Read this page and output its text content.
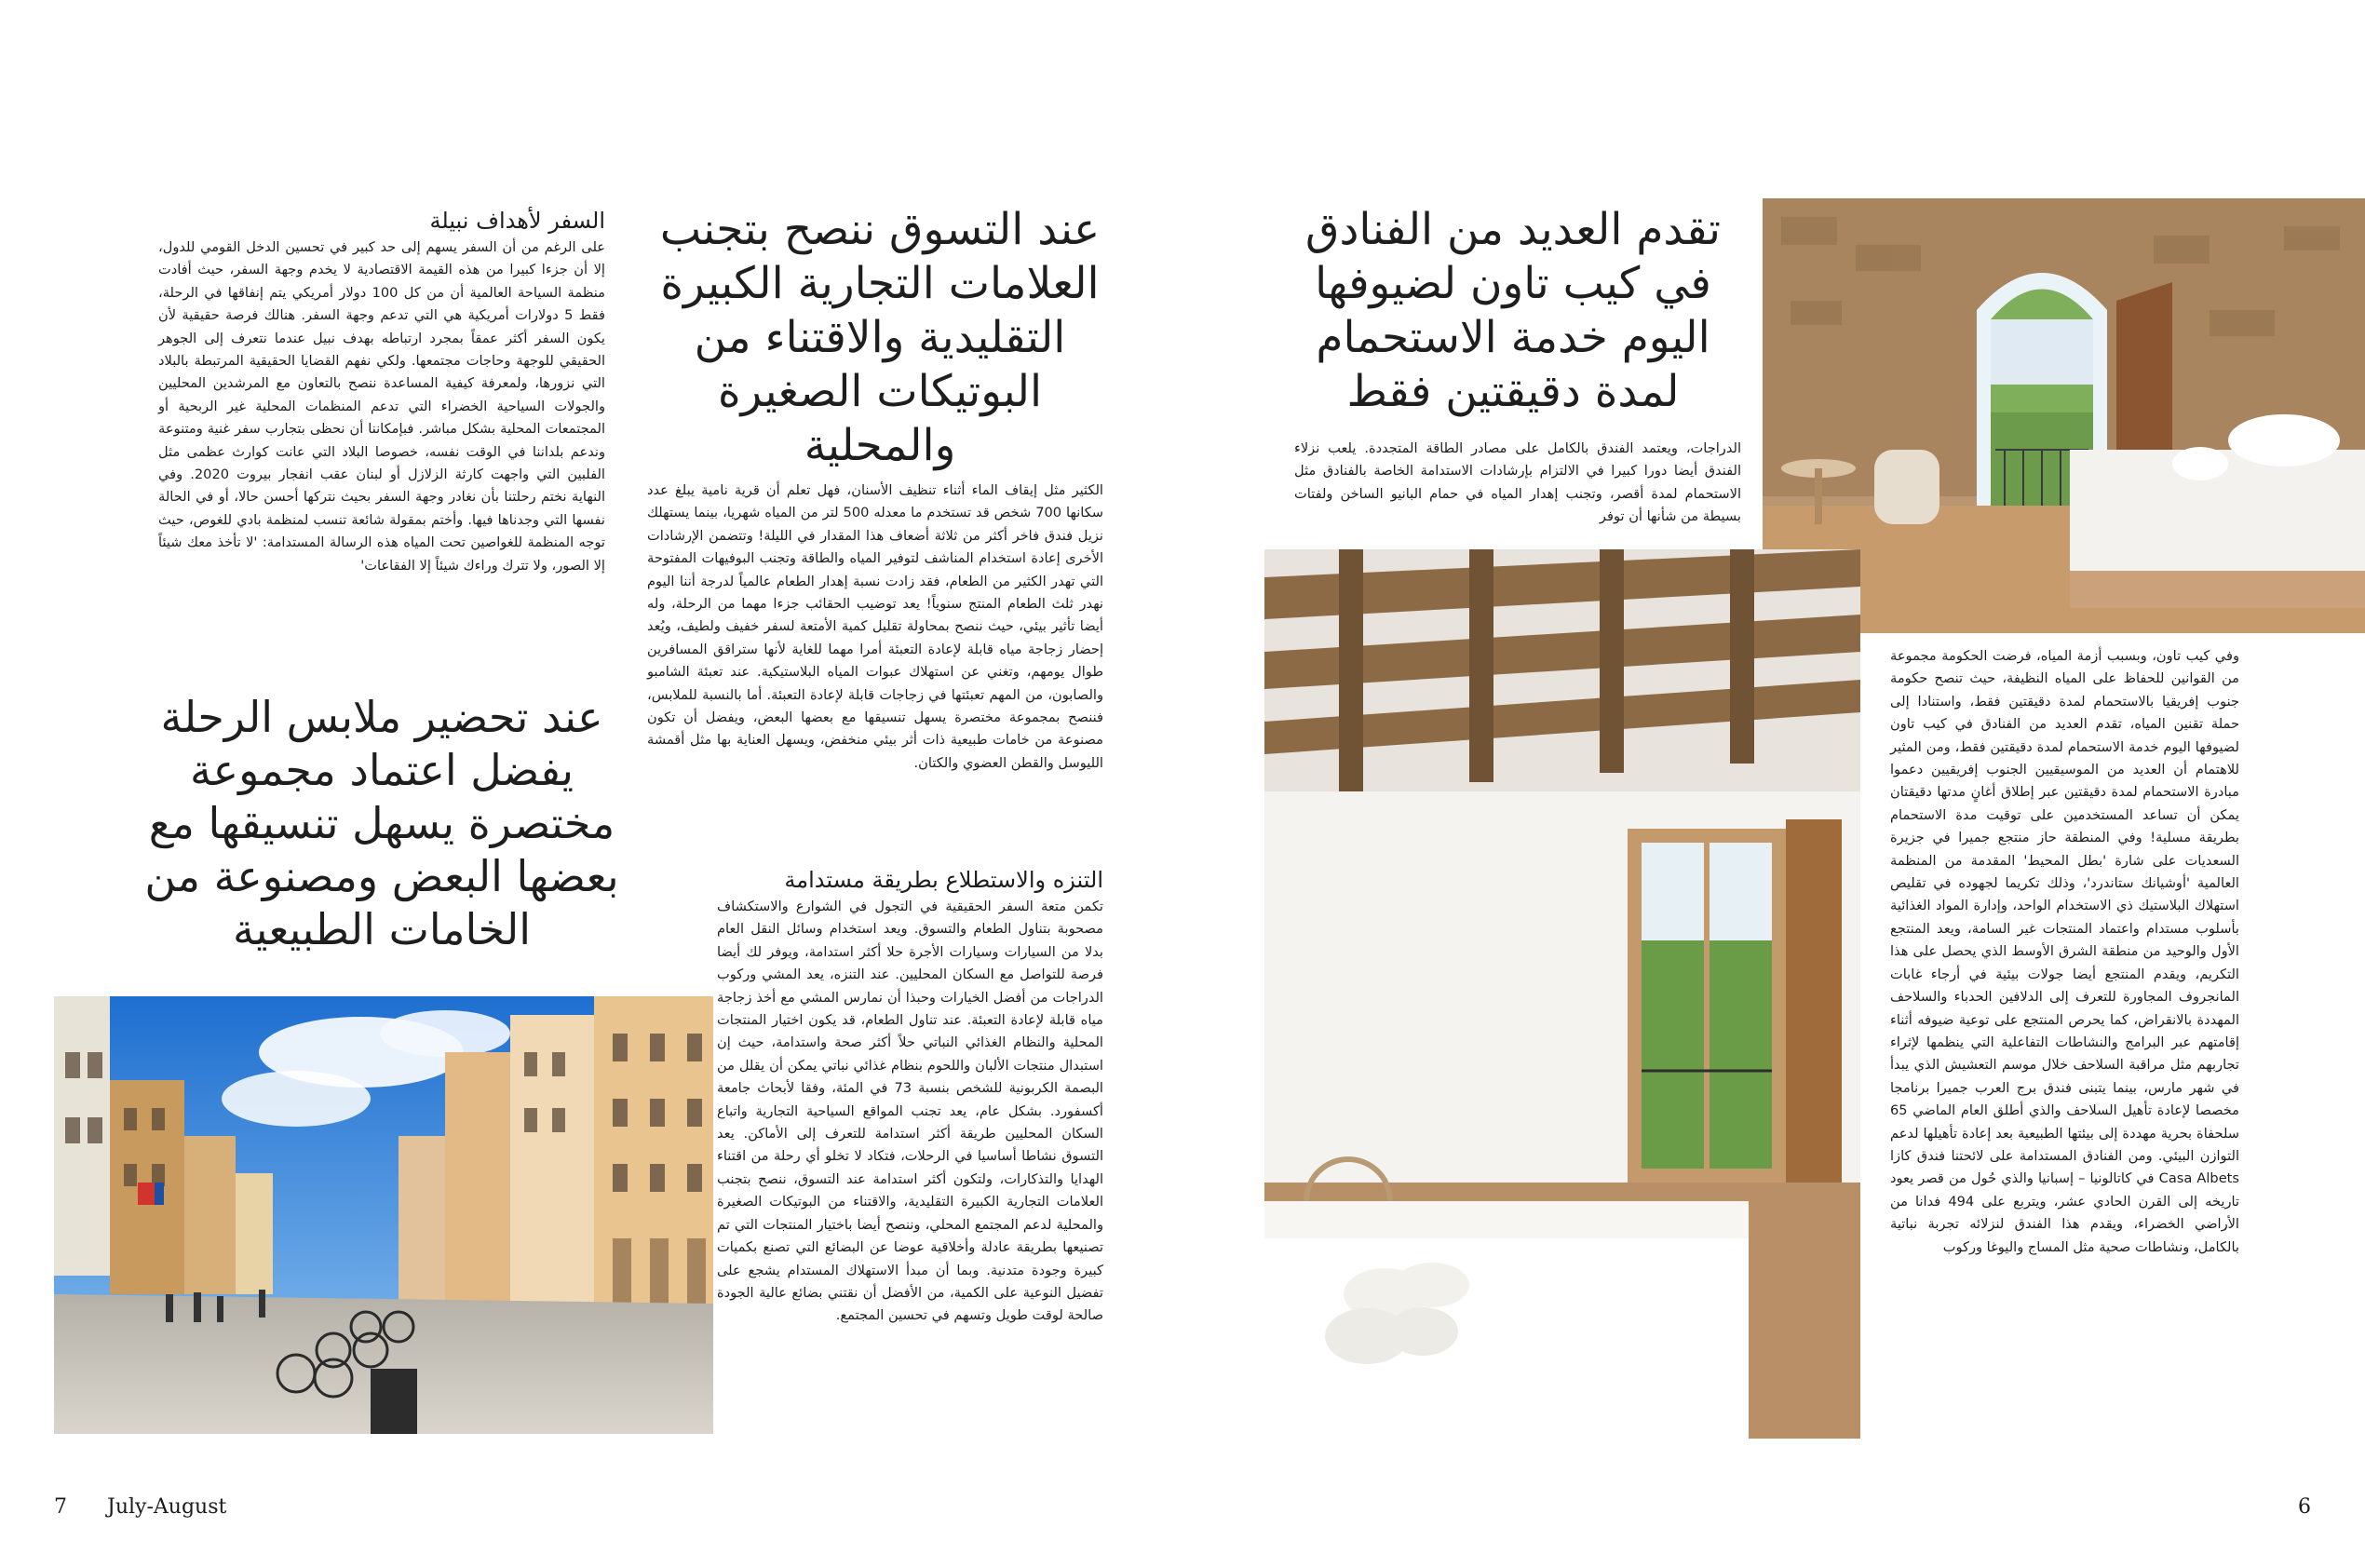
السفر لأهداف نبيلة

على الرغم من أن السفر يسهم إلى حد كبير في تحسين الدخل القومي للدول، إلا أن جزءا كبيرا من هذه القيمة الاقتصادية لا يخدم وجهة السفر، حيث أفادت منظمة السياحة العالمية أن من كل 100 دولار أمريكي يتم إنفاقها في الرحلة، فقط 5 دولارات أمريكية هي التي تدعم وجهة السفر. هنالك فرصة حقيقية لأن يكون السفر أكثر عمقاً بمجرد ارتباطه بهدف نبيل عندما نتعرف إلى الجوهر الحقيقي للوجهة وحاجات مجتمعها. ولكي نفهم القضايا الحقيقية المرتبطة بالبلاد التي نزورها، ولمعرفة كيفية المساعدة ننصح بالتعاون مع المرشدين المحليين والجولات السياحية الخضراء التي تدعم المنظمات المحلية غير الربحية أو المجتمعات المحلية بشكل مباشر. فبإمكاننا أن نحظى بتجارب سفر غنية ومتنوعة وندعم بلداننا في الوقت نفسه، خصوصا البلاد التي عانت كوارث عظمى مثل الفلبين التي واجهت كارثة الزلازل أو لبنان عقب انفجار بيروت 2020. وفي النهاية نختم رحلتنا بأن نغادر وجهة السفر بحيث نتركها أحسن حالا، أو في الحالة نفسها التي وجدناها فيها. وأختم بمقولة شائعة تنسب لمنظمة بادي للغوص، حيث توجه المنظمة للغواصين تحت المياه هذه الرسالة المستدامة: 'لا تأخذ معك شيئاً إلا الصور، ولا تترك وراءك شيئاً إلا الفقاعات'

عند التسوق ننصح بتجنب العلامات التجارية الكبيرة التقليدية والاقتناء من البوتيكات الصغيرة والمحلية

الكثير مثل إيقاف الماء أثناء تنظيف الأسنان، فهل تعلم أن قرية نامية يبلغ عدد سكانها 700 شخص قد تستخدم ما معدله 500 لتر من المياه شهريا، بينما يستهلك نزيل فندق فاخر أكثر من ثلاثة أضعاف هذا المقدار في الليلة! وتتضمن الإرشادات الأخرى إعادة استخدام المناشف لتوفير المياه والطاقة وتجنب البوفيهات المفتوحة التي تهدر الكثير من الطعام، فقد زادت نسبة إهدار الطعام عالمياً لدرجة أننا اليوم نهدر ثلث الطعام المنتج سنوياً! يعد توضيب الحقائب جزءا مهما من الرحلة، وله أيضا تأثير بيئي، حيث ننصح بمحاولة تقليل كمية الأمتعة لسفر خفيف ولطيف، ويُعد إحضار زجاجة مياه قابلة لإعادة التعبئة أمرا مهما للغاية لأنها ستراقق المسافرين طوال يومهم، وتغني عن استهلاك عبوات المياه البلاستيكية. عند تعبئة الشامبو والصابون، من المهم تعبئتها في زجاجات قابلة لإعادة التعبئة. أما بالنسبة للملابس، فننصح بمجموعة مختصرة يسهل تنسيقها مع بعضها البعض، ويفضل أن تكون مصنوعة من خامات طبيعية ذات أثر بيئي منخفض، ويسهل العناية بها مثل أقمشة الليوسل والقطن العضوي والكتان.

التنزه والاستطلاع بطريقة مستدامة

تكمن متعة السفر الحقيقية في التجول في الشوارع والاستكشاف مصحوبة بتناول الطعام والتسوق. ويعد استخدام وسائل النقل العام بدلا من السيارات وسيارات الأجرة حلا أكثر استدامة، ويوفر لك أيضا فرصة للتواصل مع السكان المحليين. عند التنزه، يعد المشي وركوب الدراجات من أفضل الخيارات وحبذا أن نمارس المشي مع أخذ زجاجة مياه قابلة لإعادة التعبئة. عند تناول الطعام، قد يكون اختيار المنتجات المحلية والنظام الغذائي النباتي حلاً أكثر صحة واستدامة، حيث إن استبدال منتجات الألبان واللحوم بنظام غذائي نباتي يمكن أن يقلل من البصمة الكربونية للشخص بنسبة 73 في المئة، وفقا لأبحاث جامعة أكسفورد. بشكل عام، يعد تجنب المواقع السياحية التجارية واتباع السكان المحليين طريقة أكثر استدامة للتعرف إلى الأماكن. يعد التسوق نشاطا أساسيا في الرحلات، فتكاد لا تخلو أي رحلة من اقتناء الهدايا والتذكارات، ولتكون أكثر استدامة عند التسوق، ننصح بتجنب العلامات التجارية الكبيرة التقليدية، والاقتناء من البوتيكات الصغيرة والمحلية لدعم المجتمع المحلي، وننصح أيضا باختيار المنتجات التي تم تصنيعها بطريقة عادلة وأخلاقية عوضا عن البضائع التي تصنع بكميات كبيرة وجودة متدنية. وبما أن مبدأ الاستهلاك المستدام يشجع على تفضيل النوعية على الكمية، من الأفضل أن نقتني بضائع عالية الجودة صالحة لوقت طويل وتسهم في تحسين المجتمع.

عند تحضير ملابس الرحلة يفضل اعتماد مجموعة مختصرة يسهل تنسيقها مع بعضها البعض ومصنوعة من الخامات الطبيعية
تقدم العديد من الفنادق في كيب تاون لضيوفها اليوم خدمة الاستحمام لمدة دقيقتين فقط

الدراجات، ويعتمد الفندق بالكامل على مصادر الطاقة المتجددة. يلعب نزلاء الفندق أيضا دورا كبيرا في الالتزام بإرشادات الاستدامة الخاصة بالفنادق مثل الاستحمام لمدة أقصر، وتجنب إهدار المياه في حمام البانيو الساخن ولفتات بسيطة من شأنها أن توفر

وفي كيب تاون، وبسبب أزمة المياه، فرضت الحكومة مجموعة من القوانين للحفاظ على المياه النظيفة، حيث تنصح حكومة جنوب إفريقيا بالاستحمام لمدة دقيقتين فقط، واستنادا إلى حملة تقنين المياه، تقدم العديد من الفنادق في كيب تاون لضيوفها اليوم خدمة الاستحمام لمدة دقيقتين فقط، ومن المثير للاهتمام أن العديد من الموسيقيين الجنوب إفريقيين دعموا مبادرة الاستحمام لمدة دقيقتين عبر إطلاق أغانٍ مدتها دقيقتان يمكن أن تساعد المستخدمين على توقيت مدة الاستحمام بطريقة مسلية! وفي المنطقة حاز منتجع جميرا في جزيرة السعديات على شارة 'بطل المحيط' المقدمة من المنظمة العالمية 'أوشيانك ستاندرد'، وذلك تكريما لجهوده في تقليص استهلاك البلاستيك ذي الاستخدام الواحد، وإدارة المواد الغذائية بأسلوب مستدام واعتماد المنتجات غير السامة، ويعد المنتجع الأول والوحيد من منطقة الشرق الأوسط الذي يحصل على هذا التكريم، ويقدم المنتجع أيضا جولات بيئية في أرجاء غابات المانجروف المجاورة للتعرف إلى الدلافين الحدباء والسلاحف المهددة بالانقراض، كما يحرص المنتجع على توعية ضيوفه أثناء إقامتهم عبر البرامج والنشاطات التفاعلية التي ينظمها لإثراء تجاربهم مثل مراقبة السلاحف خلال موسم التعشيش الذي يبدأ في شهر مارس، بينما يتبنى فندق برج العرب جميرا برنامجا مخصصا لإعادة تأهيل السلاحف والذي أطلق العام الماضي 65 سلحفاة بحرية مهددة إلى بيئتها الطبيعية بعد إعادة تأهيلها لدعم التوازن البيئي. ومن الفنادق المستدامة على لائحتنا فندق كازا Casa Albets في كاتالونيا – إسبانيا والذي حُول من قصر يعود تاريخه إلى القرن الحادي عشر، ويتربع على 494 فدانا من الأراضي الخضراء، ويقدم هذا الفندق لنزلائه تجربة نباتية بالكامل، ونشاطات صحية مثل المساج واليوغا وركوب

7 July-August	6
